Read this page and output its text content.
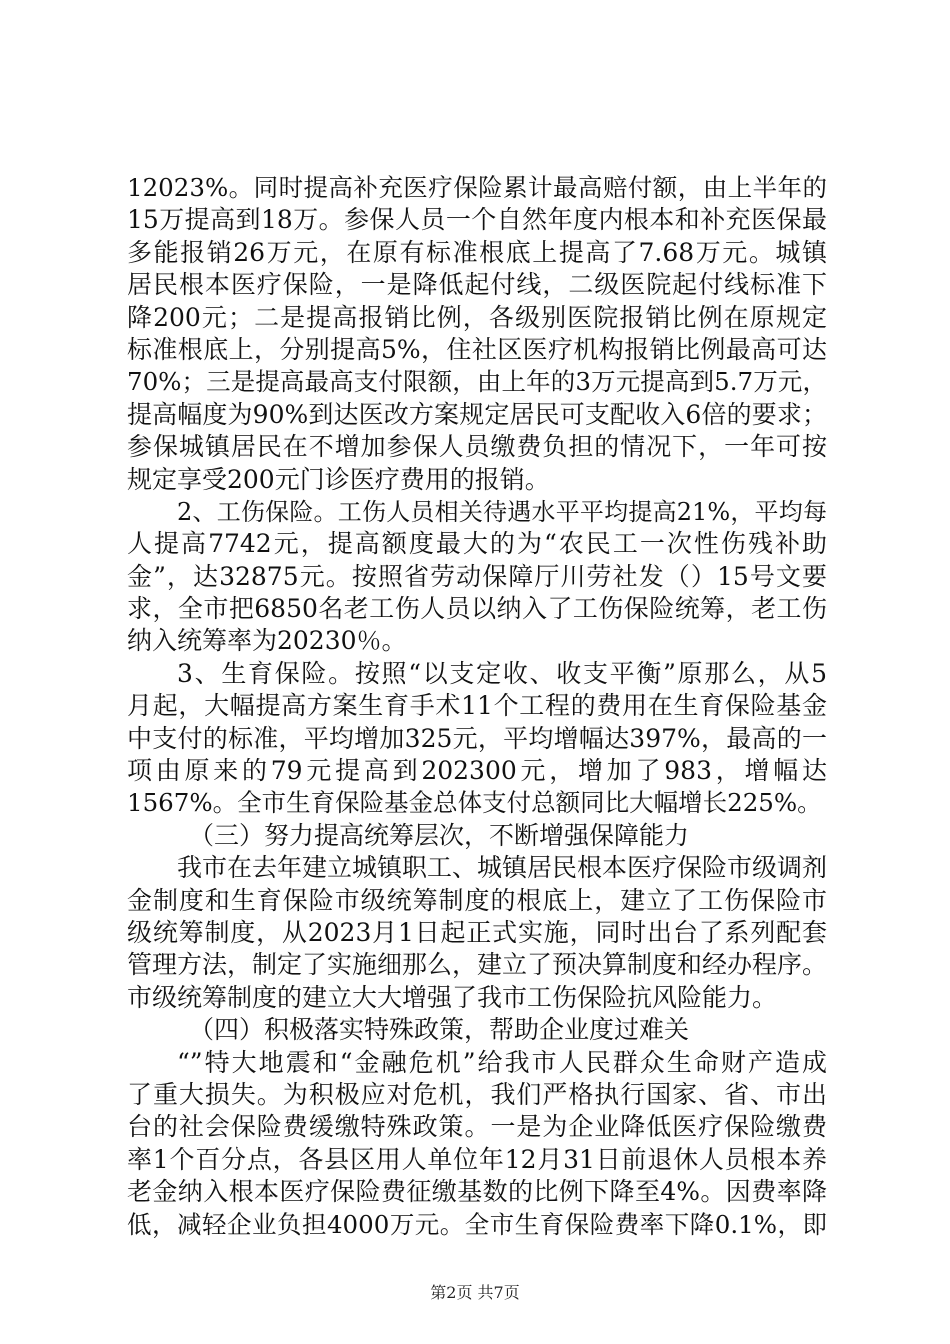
12023%。同时提高补充医疗保险累计最高赔付额，由上半年的
15万提高到18万。参保人员一个自然年度内根本和补充医保最
多能报销26万元，在原有标准根底上提高了7.68万元。城镇
居民根本医疗保险，一是降低起付线，二级医院起付线标准下
降200元；二是提高报销比例，各级别医院报销比例在原规定
标准根底上，分别提高5%，住社区医疗机构报销比例最高可达
70%；三是提高最高支付限额，由上年的3万元提高到5.7万元，
提高幅度为90%到达医改方案规定居民可支配收入6倍的要求；
参保城镇居民在不增加参保人员缴费负担的情况下，一年可按
规定享受200元门诊医疗费用的报销。
2、工伤保险。工伤人员相关待遇水平平均提高21%，平均每
人提高7742元，提高额度最大的为“农民工一次性伤残补助
金”，达32875元。按照省劳动保障厅川劳社发（）15号文要
求，全市把6850名老工伤人员以纳入了工伤保险统筹，老工伤
纳入统筹率为20230％。
3、生育保险。按照“以支定收、收支平衡”原那么，从5
月起，大幅提高方案生育手术11个工程的费用在生育保险基金
中支付的标准，平均增加325元，平均增幅达397%，最高的一
项由原来的79元提高到202300元，增加了983，增幅达
1567%。全市生育保险基金总体支付总额同比大幅增长225%。
（三）努力提高统筹层次，不断增强保障能力
我市在去年建立城镇职工、城镇居民根本医疗保险市级调剂
金制度和生育保险市级统筹制度的根底上，建立了工伤保险市
级统筹制度，从2023月1日起正式实施，同时出台了系列配套
管理方法，制定了实施细那么，建立了预决算制度和经办程序。
市级统筹制度的建立大大增强了我市工伤保险抗风险能力。
（四）积极落实特殊政策，帮助企业度过难关
“”特大地震和“金融危机”给我市人民群众生命财产造成
了重大损失。为积极应对危机，我们严格执行国家、省、市出
台的社会保险费缓缴特殊政策。一是为企业降低医疗保险缴费
率1个百分点，各县区用人单位年12月31日前退休人员根本养
老金纳入根本医疗保险费征缴基数的比例下降至4%。因费率降
低，减轻企业负担4000万元。全市生育保险费率下降0.1%，即
第2页 共7页
